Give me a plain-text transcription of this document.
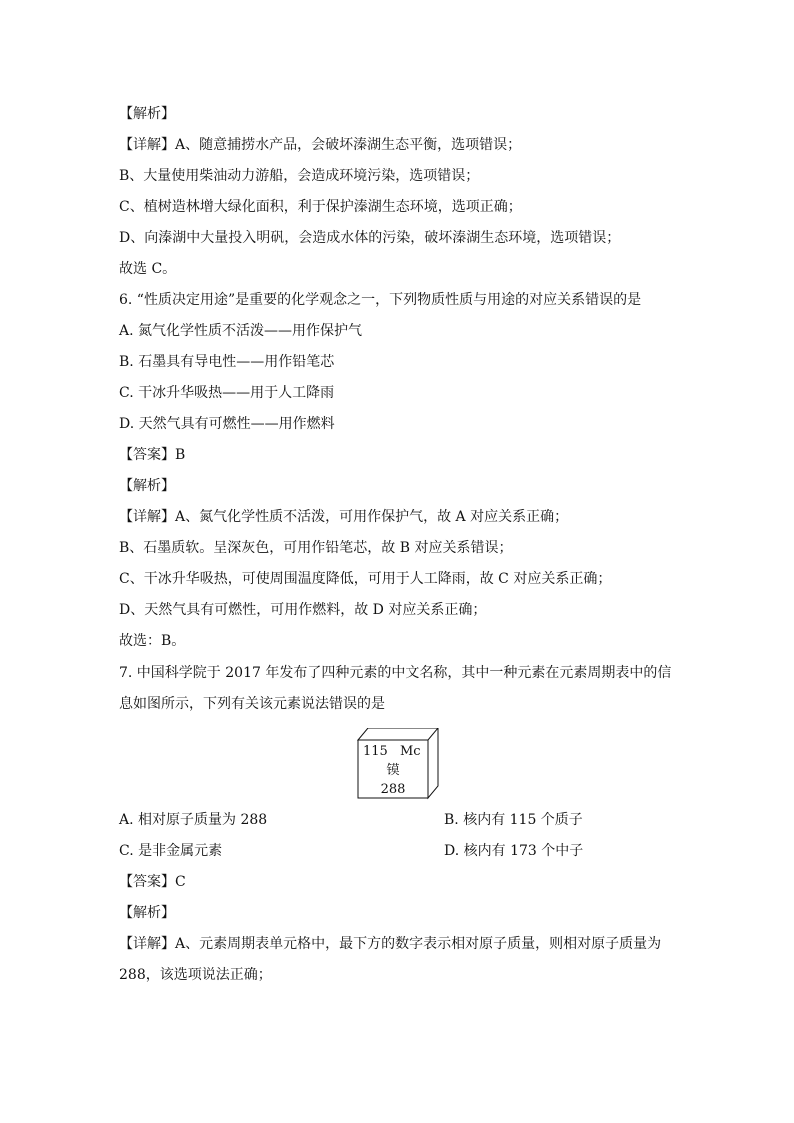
【解析】
【详解】A、随意捕捞水产品，会破坏溱湖生态平衡，选项错误；
B、大量使用柴油动力游船，会造成环境污染，选项错误；
C、植树造林增大绿化面积，利于保护溱湖生态环境，选项正确；
D、向溱湖中大量投入明矾，会造成水体的污染，破坏溱湖生态环境，选项错误；
故选 C。
6. “性质决定用途”是重要的化学观念之一，下列物质性质与用途的对应关系错误的是
A. 氮气化学性质不活泼——用作保护气
B. 石墨具有导电性——用作铅笔芯
C. 干冰升华吸热——用于人工降雨
D. 天然气具有可燃性——用作燃料
【答案】B
【解析】
【详解】A、氮气化学性质不活泼，可用作保护气，故 A 对应关系正确；
B、石墨质软。呈深灰色，可用作铅笔芯，故 B 对应关系错误；
C、干冰升华吸热，可使周围温度降低，可用于人工降雨，故 C 对应关系正确；
D、天然气具有可燃性，可用作燃料，故 D 对应关系正确；
故选：B。
7. 中国科学院于 2017 年发布了四种元素的中文名称，其中一种元素在元素周期表中的信
息如图所示，下列有关该元素说法错误的是
115 Mc
镆
288
A. 相对原子质量为 288	B. 核内有 115 个质子
C. 是非金属元素	D. 核内有 173 个中子
【答案】C
【解析】
【详解】A、元素周期表单元格中，最下方的数字表示相对原子质量，则相对原子质量为
288，该选项说法正确；
